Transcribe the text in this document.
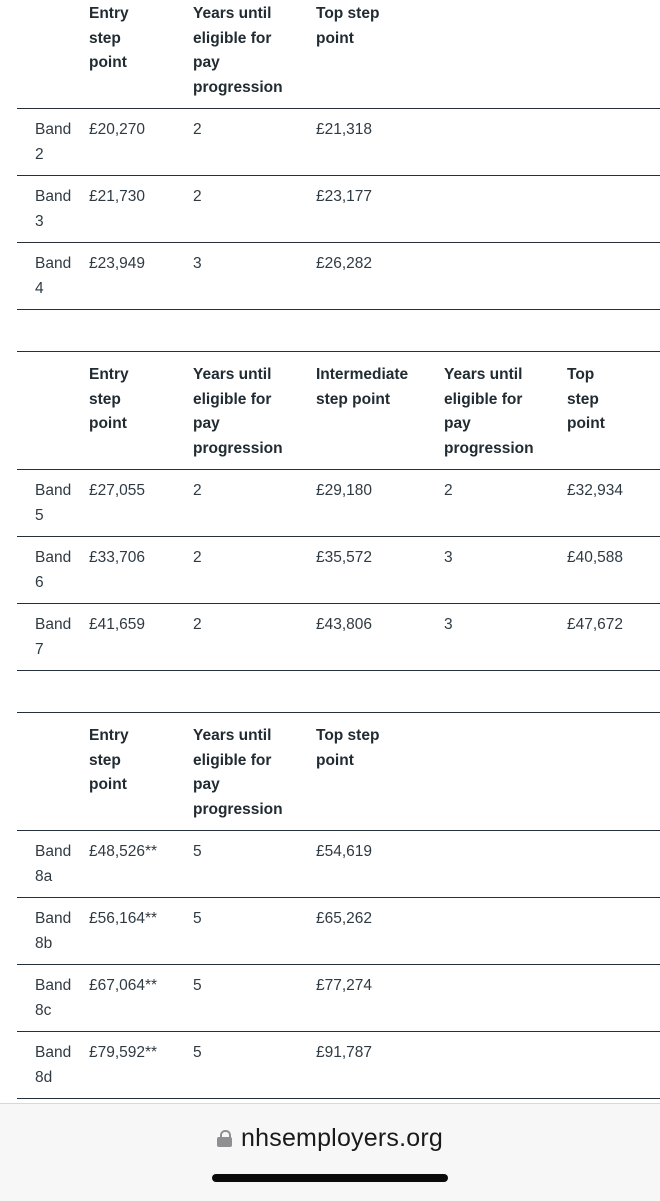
	Entry step point	Years until eligible for pay progression	Top step point

Band 2	£20,270	2	£21,318

Band 3	£21,730	2	£23,177

Band 4	£23,949	3	£26,282

	Entry step point	Years until eligible for pay progression	Intermediate step point	Years until eligible for pay progression	Top step point

Band 5	£27,055	2	£29,180	2	£32,934

Band 6	£33,706	2	£35,572	3	£40,588

Band 7	£41,659	2	£43,806	3	£47,672

	Entry step point	Years until eligible for pay progression	Top step point

Band 8a	£48,526**	5	£54,619

Band 8b	£56,164**	5	£65,262

Band 8c	£67,064**	5	£77,274

Band 8d	£79,592**	5	£91,787
nhsemployers.org
